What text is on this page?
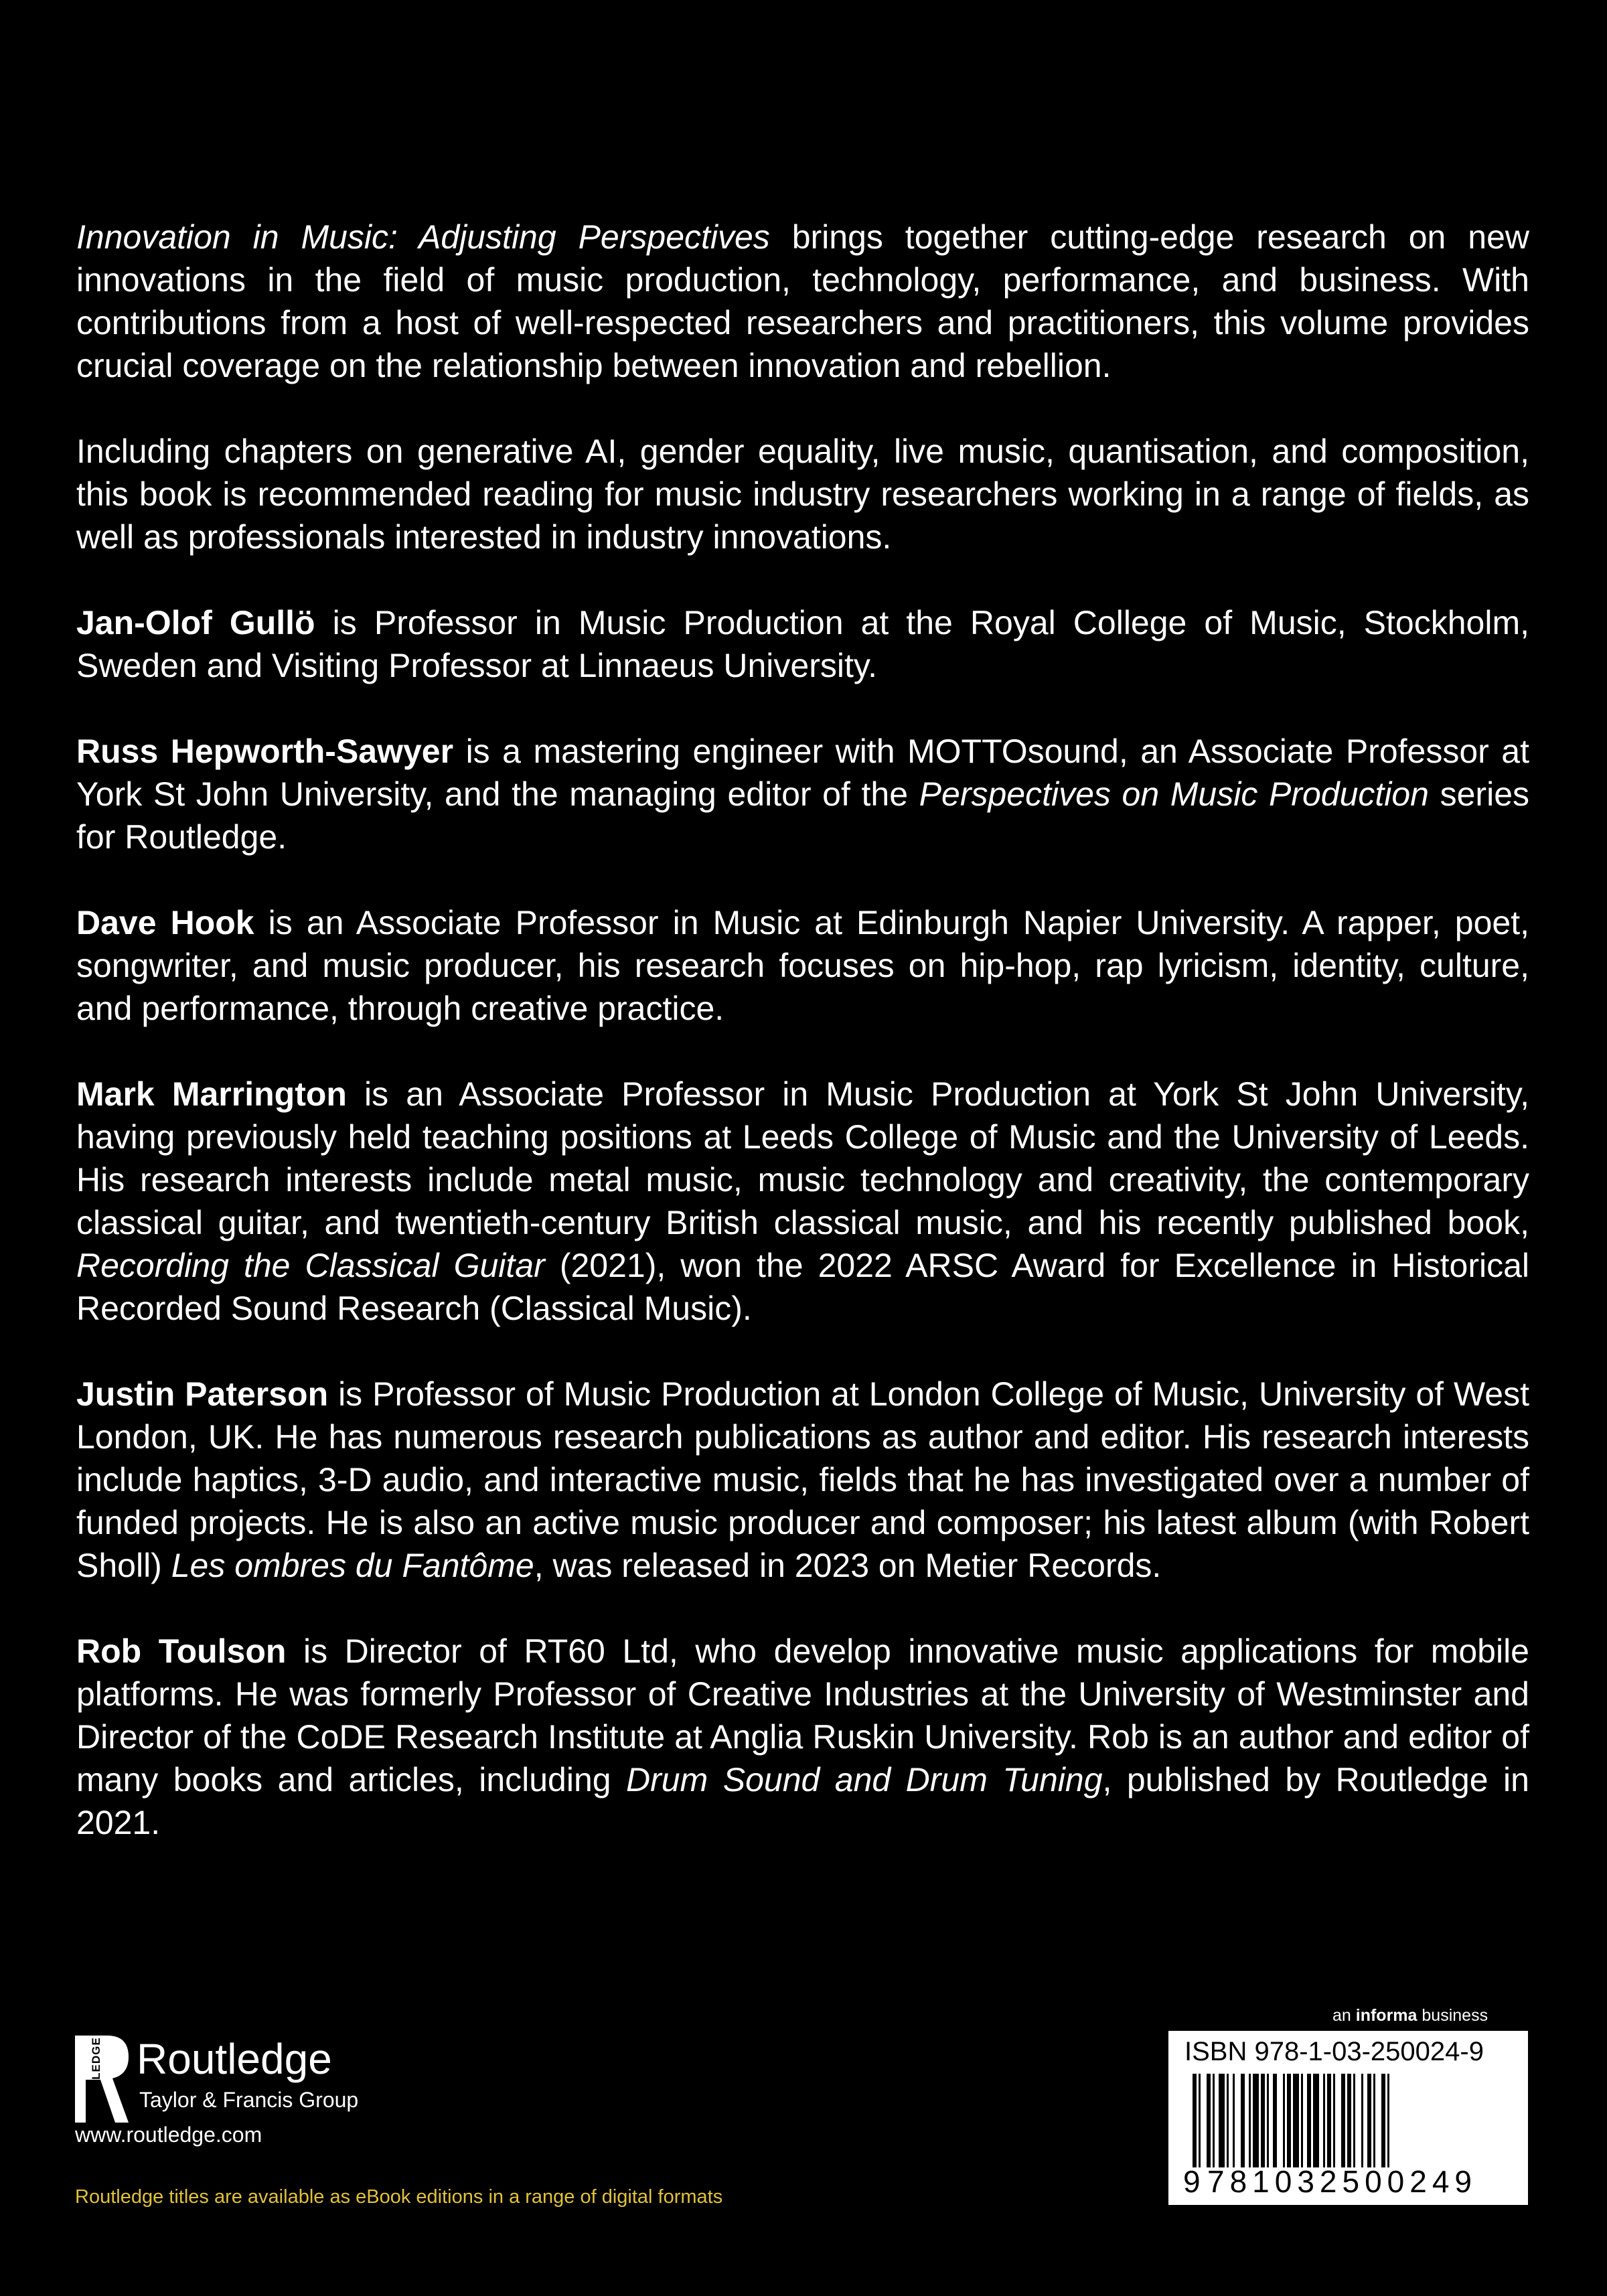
Innovation in Music: Adjusting Perspectives brings together cutting-edge research on new innovations in the field of music production, technology, performance, and business. With contributions from a host of well-respected researchers and practitioners, this volume provides crucial coverage on the relationship between innovation and rebellion.

Including chapters on generative AI, gender equality, live music, quantisation, and composition, this book is recommended reading for music industry researchers working in a range of fields, as well as professionals interested in industry innovations.

Jan-Olof Gullö is Professor in Music Production at the Royal College of Music, Stockholm, Sweden and Visiting Professor at Linnaeus University.

Russ Hepworth-Sawyer is a mastering engineer with MOTTOsound, an Associate Professor at York St John University, and the managing editor of the Perspectives on Music Production series for Routledge.

Dave Hook is an Associate Professor in Music at Edinburgh Napier University. A rapper, poet, songwriter, and music producer, his research focuses on hip-hop, rap lyricism, identity, culture, and performance, through creative practice.

Mark Marrington is an Associate Professor in Music Production at York St John University, having previously held teaching positions at Leeds College of Music and the University of Leeds. His research interests include metal music, music technology and creativity, the contemporary classical guitar, and twentieth-century British classical music, and his recently published book, Recording the Classical Guitar (2021), won the 2022 ARSC Award for Excellence in Historical Recorded Sound Research (Classical Music).

Justin Paterson is Professor of Music Production at London College of Music, University of West London, UK. He has numerous research publications as author and editor. His research interests include haptics, 3-D audio, and interactive music, fields that he has investigated over a number of funded projects. He is also an active music producer and composer; his latest album (with Robert Sholl) Les ombres du Fantôme, was released in 2023 on Metier Records.

Rob Toulson is Director of RT60 Ltd, who develop innovative music applications for mobile platforms. He was formerly Professor of Creative Industries at the University of Westminster and Director of the CoDE Research Institute at Anglia Ruskin University. Rob is an author and editor of many books and articles, including Drum Sound and Drum Tuning, published by Routledge in 2021.

ROUTLEDGE Routledge
Taylor & Francis Group
www.routledge.com
Routledge titles are available as eBook editions in a range of digital formats
an informa business
ISBN 978-1-03-250024-9
9 781032500249
